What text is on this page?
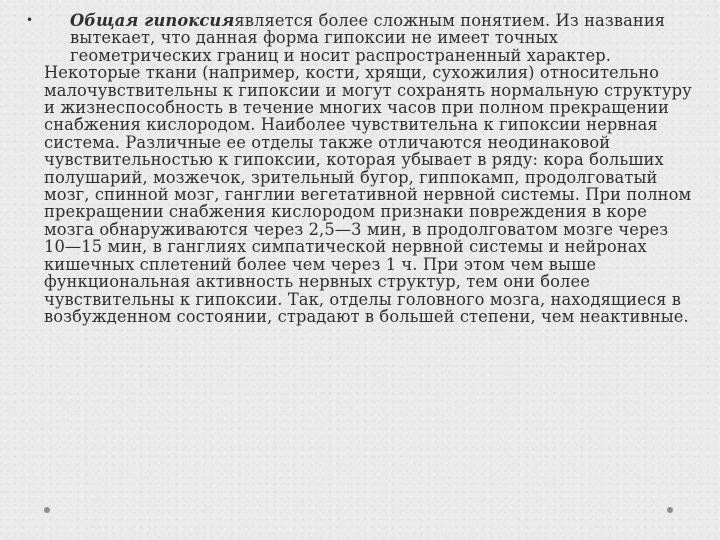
• Общая гипоксияявляется более сложным понятием. Из названия вытекает, что данная форма гипоксии не имеет точных геометрических границ и носит распространенный характер.

Некоторые ткани (например, кости, хрящи, сухожилия) относительно малочувствительны к гипоксии и могут сохранять нормальную структуру и жизнеспособность в течение многих часов при полном прекращении снабжения кислородом. Наиболее чувствительна к гипоксии нервная система. Различные ее отделы также отличаются неодинаковой чувствительностью к гипоксии, которая убывает в ряду: кора больших полушарий, мозжечок, зрительный бугор, гиппокамп, продолговатый мозг, спинной мозг, ганглии вегетативной нервной системы. При полном прекращении снабжения кислородом признаки повреждения в коре мозга обнаруживаются через 2,5—3 мин, в продолговатом мозге через 10—15 мин, в ганглиях симпатической нервной системы и нейронах кишечных сплетений более чем через 1 ч. При этом чем выше функциональная активность нервных структур, тем они более чувствительны к гипоксии. Так, отделы головного мозга, находящиеся в возбужденном состоянии, страдают в большей степени, чем неактивные.
